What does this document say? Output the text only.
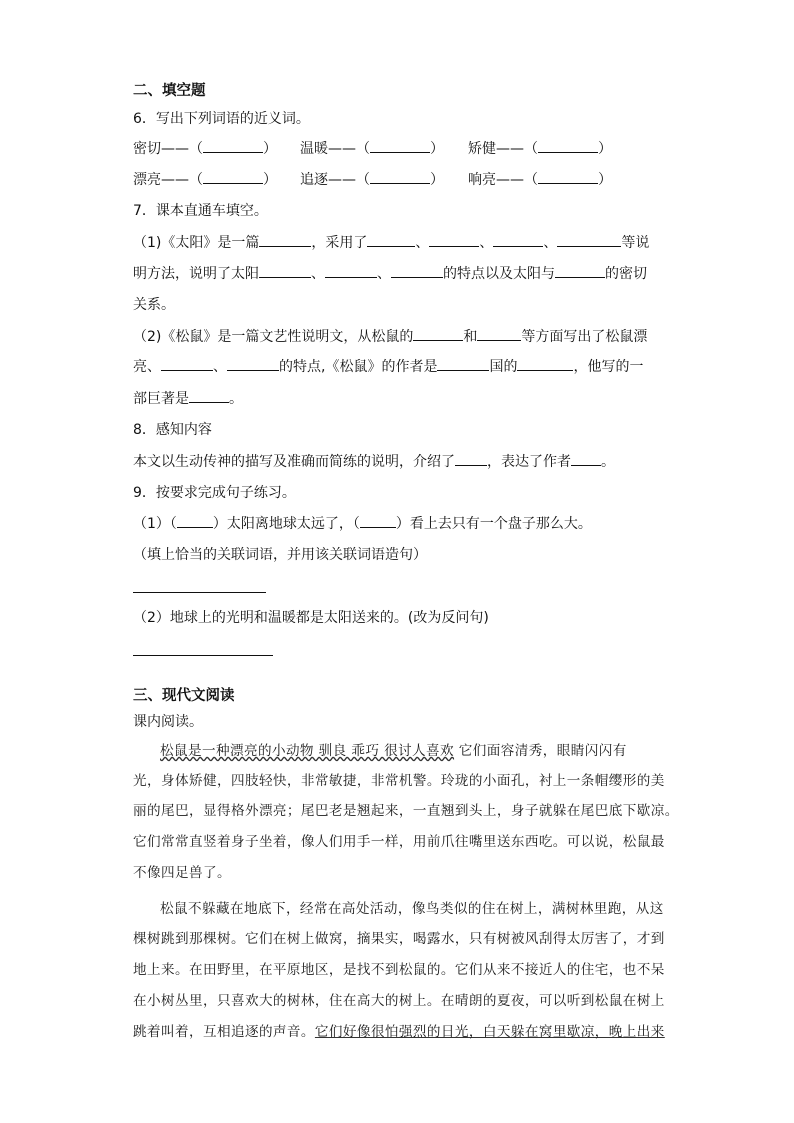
二、填空题
6．写出下列词语的近义词。
密切——（	） 温暖——（	） 矫健——（	）
漂亮——（	） 追逐——（	） 响亮——（	）
7．课本直通车填空。
（1)《太阳》是一篇	，采用了	、	、	、	等说
明方法，说明了太阳	、	、	的特点以及太阳与	的密切
关系。
（2)《松鼠》是一篇文艺性说明文，从松鼠的	和	等方面写出了松鼠漂
亮、	、	的特点,《松鼠》的作者是	国的	，他写的一
部巨著是	。
8．感知内容
本文以生动传神的描写及准确而简练的说明，介绍了 ，表达了作者 。
9．按要求完成句子练习。
（1）（	）太阳离地球太远了，（	）看上去只有一个盘子那么大。
（填上恰当的关联词语，并用该关联词语造句）
（2）地球上的光明和温暖都是太阳送来的。(改为反问句)
三、现代文阅读
课内阅读。
松鼠是一种漂亮的小动物 驯良 乖巧 很讨人喜欢 它们面容清秀，眼睛闪闪有
光，身体矫健，四肢轻快，非常敏捷，非常机警。玲珑的小面孔，衬上一条帽缨形的美
丽的尾巴，显得格外漂亮；尾巴老是翘起来，一直翘到头上，身子就躲在尾巴底下歇凉。
它们常常直竖着身子坐着，像人们用手一样，用前爪往嘴里送东西吃。可以说，松鼠最
不像四足兽了。
松鼠不躲藏在地底下，经常在高处活动，像鸟类似的住在树上，满树林里跑，从这
棵树跳到那棵树。它们在树上做窝，摘果实，喝露水，只有树被风刮得太厉害了，才到
地上来。在田野里，在平原地区，是找不到松鼠的。它们从来不接近人的住宅，也不呆
在小树丛里，只喜欢大的树林，住在高大的树上。在晴朗的夏夜，可以听到松鼠在树上
跳着叫着，互相追逐的声音。它们好像很怕强烈的日光，白天躲在窝里歇凉，晚上出来
